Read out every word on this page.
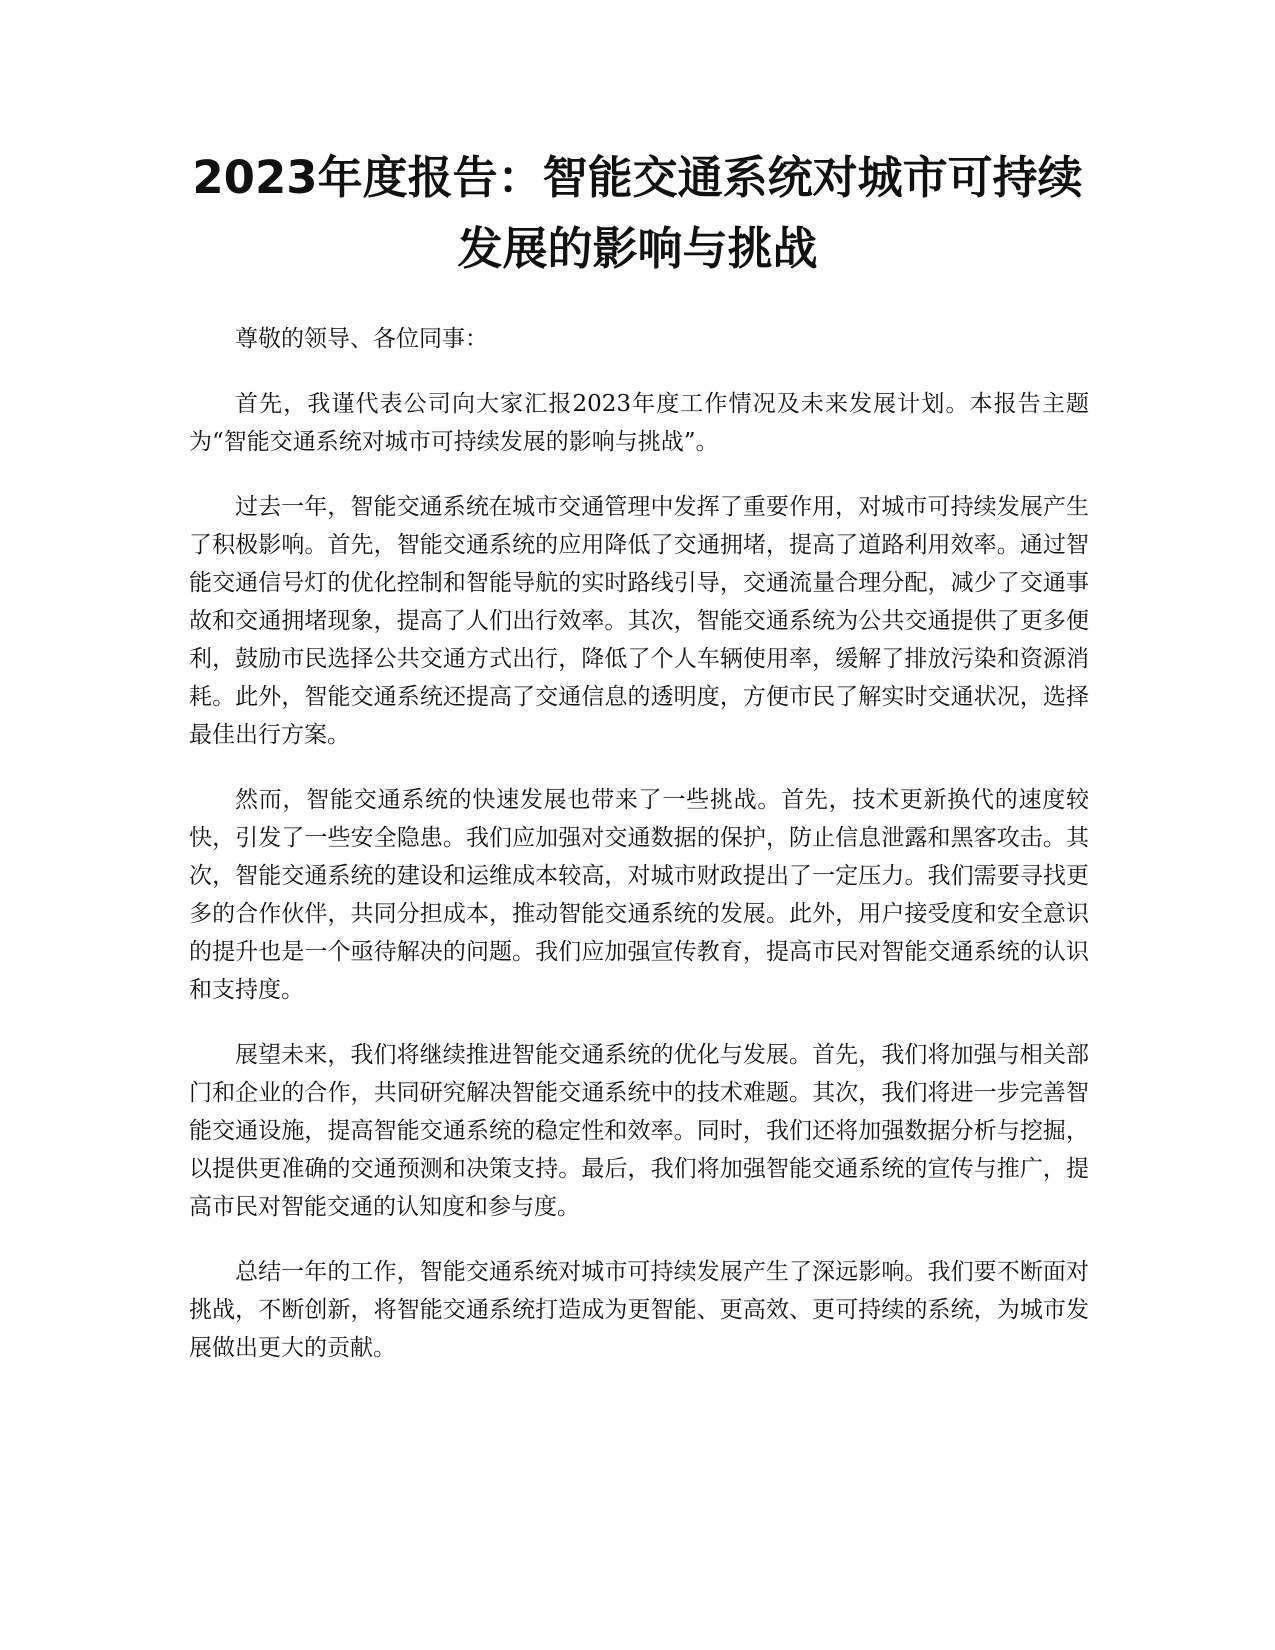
2023年度报告：智能交通系统对城市可持续发展的影响与挑战

尊敬的领导、各位同事：

首先，我谨代表公司向大家汇报2023年度工作情况及未来发展计划。本报告主题为“智能交通系统对城市可持续发展的影响与挑战”。

过去一年，智能交通系统在城市交通管理中发挥了重要作用，对城市可持续发展产生了积极影响。首先，智能交通系统的应用降低了交通拥堵，提高了道路利用效率。通过智能交通信号灯的优化控制和智能导航的实时路线引导，交通流量合理分配，减少了交通事故和交通拥堵现象，提高了人们出行效率。其次，智能交通系统为公共交通提供了更多便利，鼓励市民选择公共交通方式出行，降低了个人车辆使用率，缓解了排放污染和资源消耗。此外，智能交通系统还提高了交通信息的透明度，方便市民了解实时交通状况，选择最佳出行方案。

然而，智能交通系统的快速发展也带来了一些挑战。首先，技术更新换代的速度较快，引发了一些安全隐患。我们应加强对交通数据的保护，防止信息泄露和黑客攻击。其次，智能交通系统的建设和运维成本较高，对城市财政提出了一定压力。我们需要寻找更多的合作伙伴，共同分担成本，推动智能交通系统的发展。此外，用户接受度和安全意识的提升也是一个亟待解决的问题。我们应加强宣传教育，提高市民对智能交通系统的认识和支持度。

展望未来，我们将继续推进智能交通系统的优化与发展。首先，我们将加强与相关部门和企业的合作，共同研究解决智能交通系统中的技术难题。其次，我们将进一步完善智能交通设施，提高智能交通系统的稳定性和效率。同时，我们还将加强数据分析与挖掘，以提供更准确的交通预测和决策支持。最后，我们将加强智能交通系统的宣传与推广，提高市民对智能交通的认知度和参与度。

总结一年的工作，智能交通系统对城市可持续发展产生了深远影响。我们要不断面对挑战，不断创新，将智能交通系统打造成为更智能、更高效、更可持续的系统，为城市发展做出更大的贡献。
